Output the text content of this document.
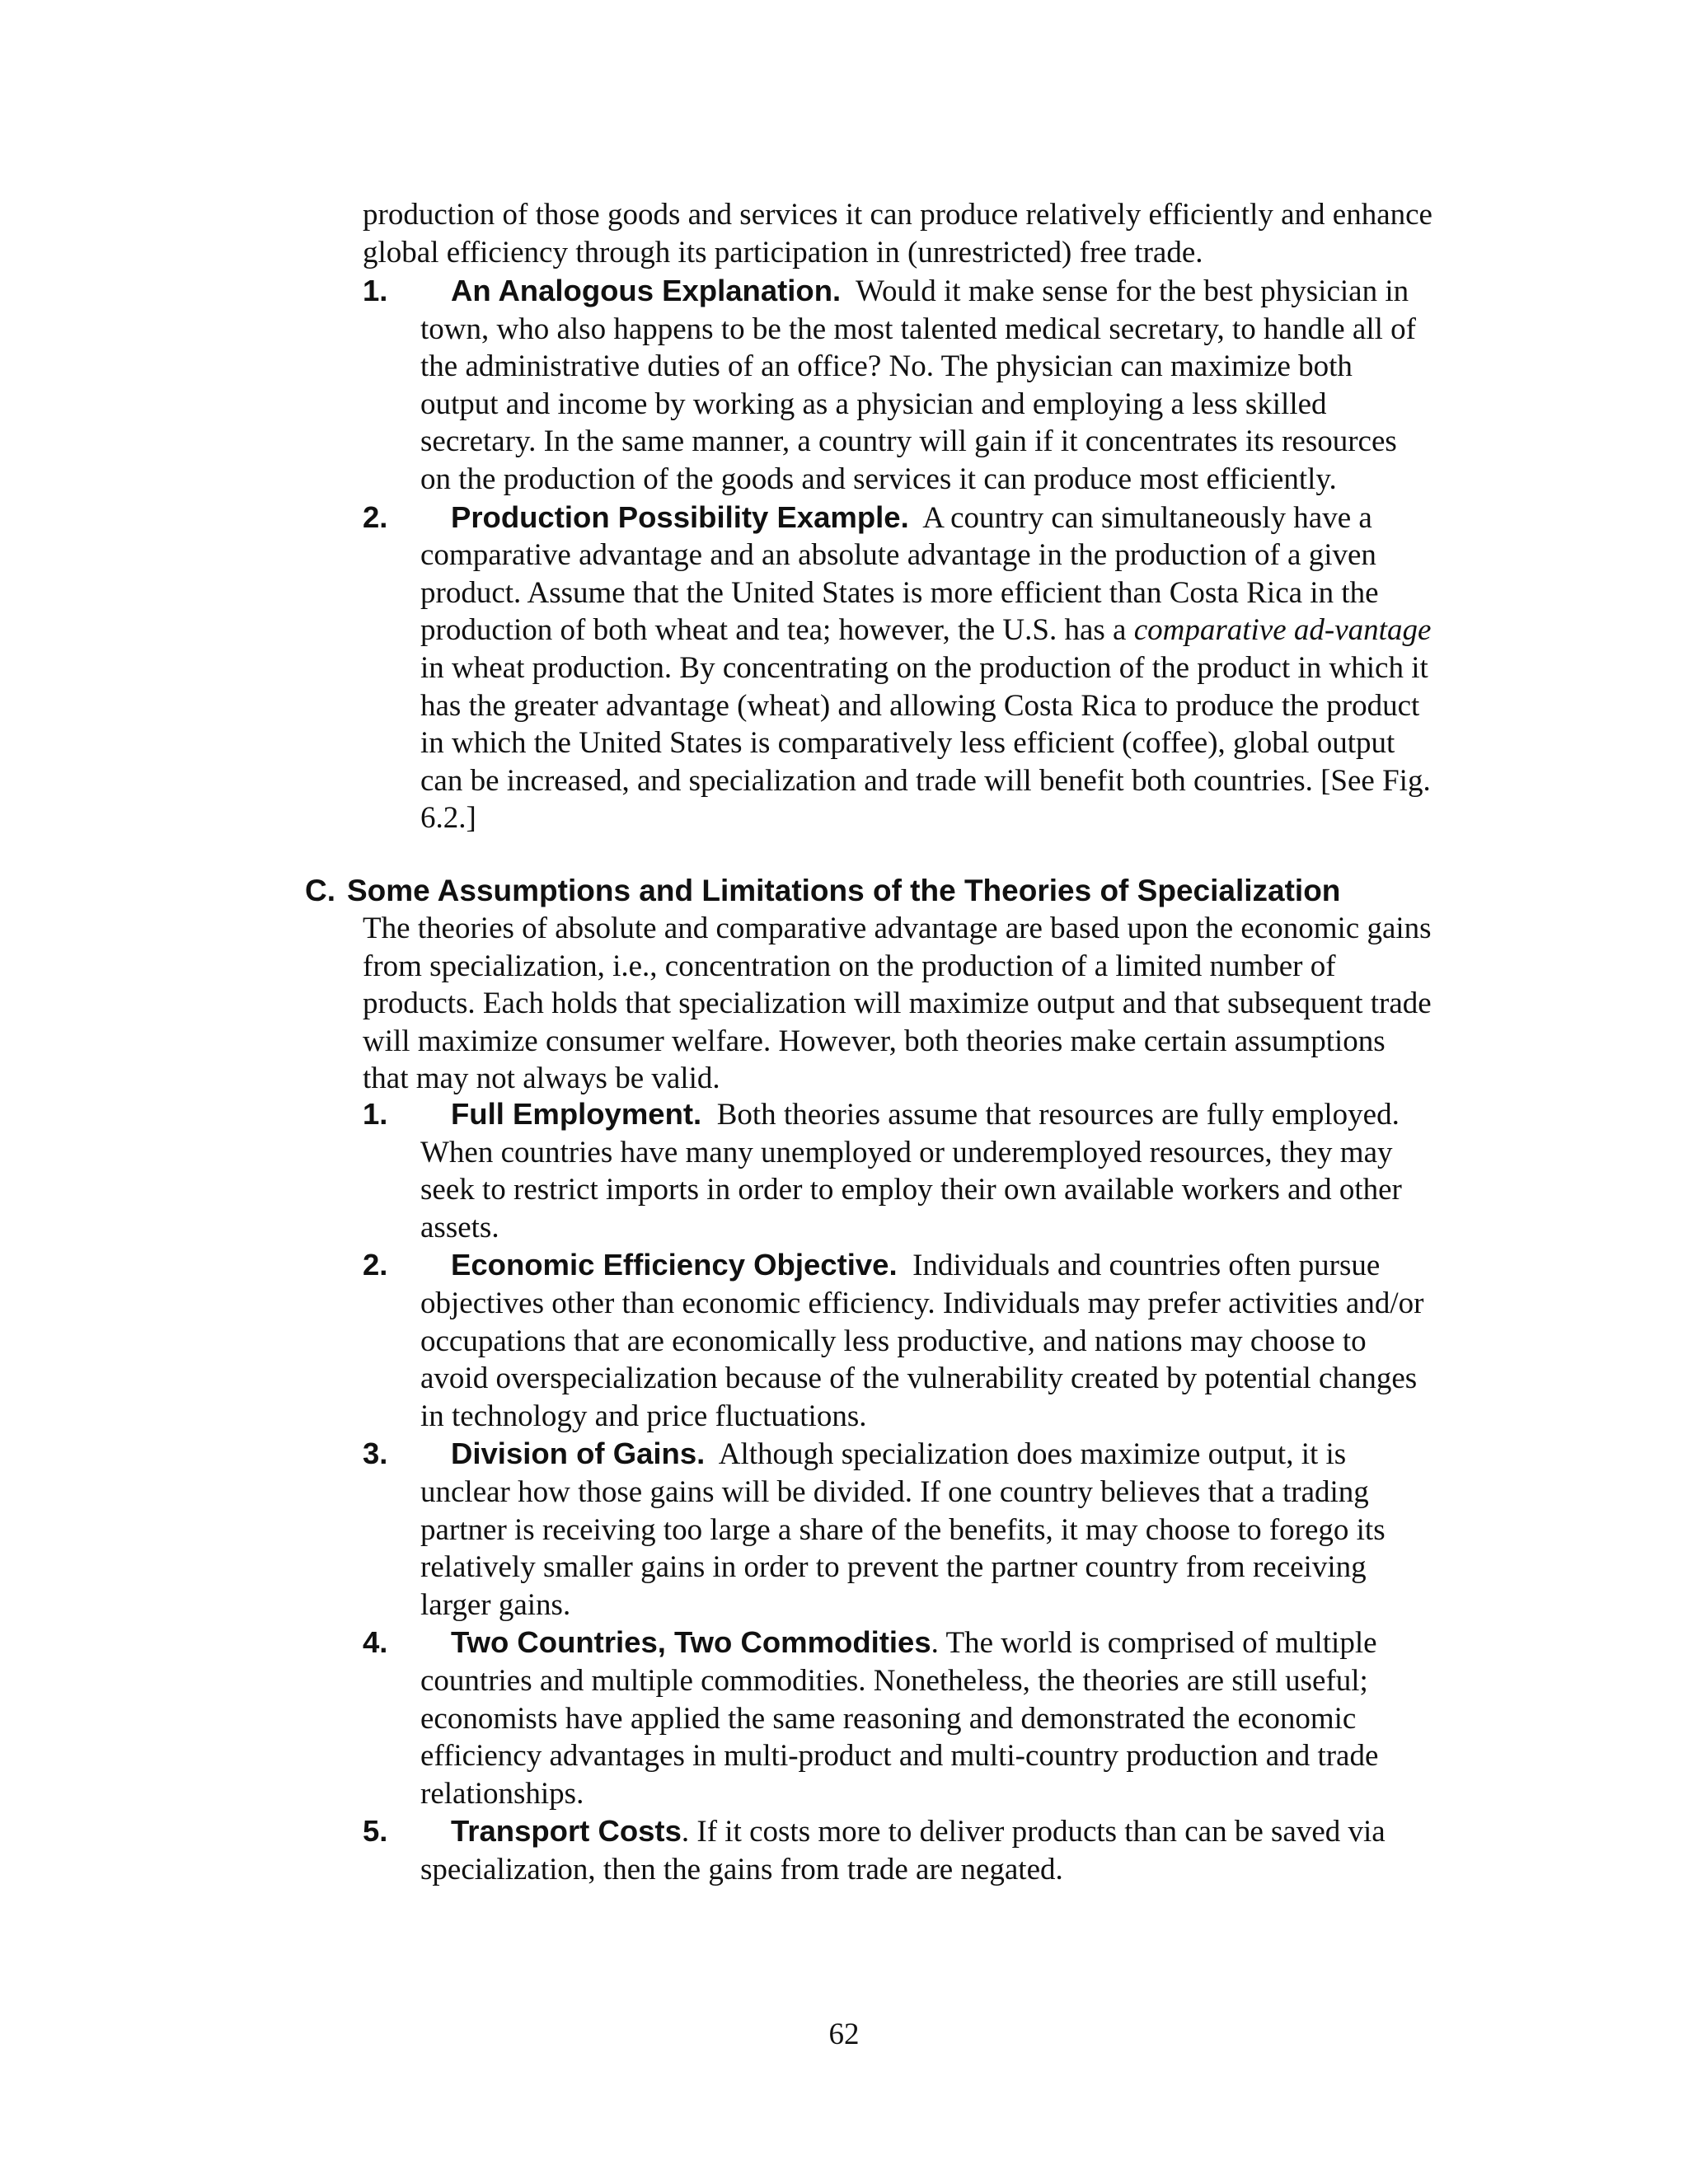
production of those goods and services it can produce relatively efficiently and enhance global efficiency through its participation in (unrestricted) free trade.

1. An Analogous Explanation. Would it make sense for the best physician in town, who also happens to be the most talented medical secretary, to handle all of the administrative duties of an office? No. The physician can maximize both output and income by working as a physician and employing a less skilled secretary. In the same manner, a country will gain if it concentrates its resources on the production of the goods and services it can produce most efficiently.

2. Production Possibility Example. A country can simultaneously have a comparative advantage and an absolute advantage in the production of a given product. Assume that the United States is more efficient than Costa Rica in the production of both wheat and tea; however, the U.S. has a comparative ad-vantage in wheat production. By concentrating on the production of the product in which it has the greater advantage (wheat) and allowing Costa Rica to produce the product in which the United States is comparatively less efficient (coffee), global output can be increased, and specialization and trade will benefit both countries. [See Fig. 6.2.]

C. Some Assumptions and Limitations of the Theories of Specialization

The theories of absolute and comparative advantage are based upon the economic gains from specialization, i.e., concentration on the production of a limited number of products. Each holds that specialization will maximize output and that subsequent trade will maximize consumer welfare. However, both theories make certain assumptions that may not always be valid.

1. Full Employment. Both theories assume that resources are fully employed. When countries have many unemployed or underemployed resources, they may seek to restrict imports in order to employ their own available workers and other assets.

2. Economic Efficiency Objective. Individuals and countries often pursue objectives other than economic efficiency. Individuals may prefer activities and/or occupations that are economically less productive, and nations may choose to avoid overspecialization because of the vulnerability created by potential changes in technology and price fluctuations.

3. Division of Gains. Although specialization does maximize output, it is unclear how those gains will be divided. If one country believes that a trading partner is receiving too large a share of the benefits, it may choose to forego its relatively smaller gains in order to prevent the partner country from receiving larger gains.

4. Two Countries, Two Commodities. The world is comprised of multiple countries and multiple commodities. Nonetheless, the theories are still useful; economists have applied the same reasoning and demonstrated the economic efficiency advantages in multi-product and multi-country production and trade relationships.

5. Transport Costs. If it costs more to deliver products than can be saved via specialization, then the gains from trade are negated.

62
